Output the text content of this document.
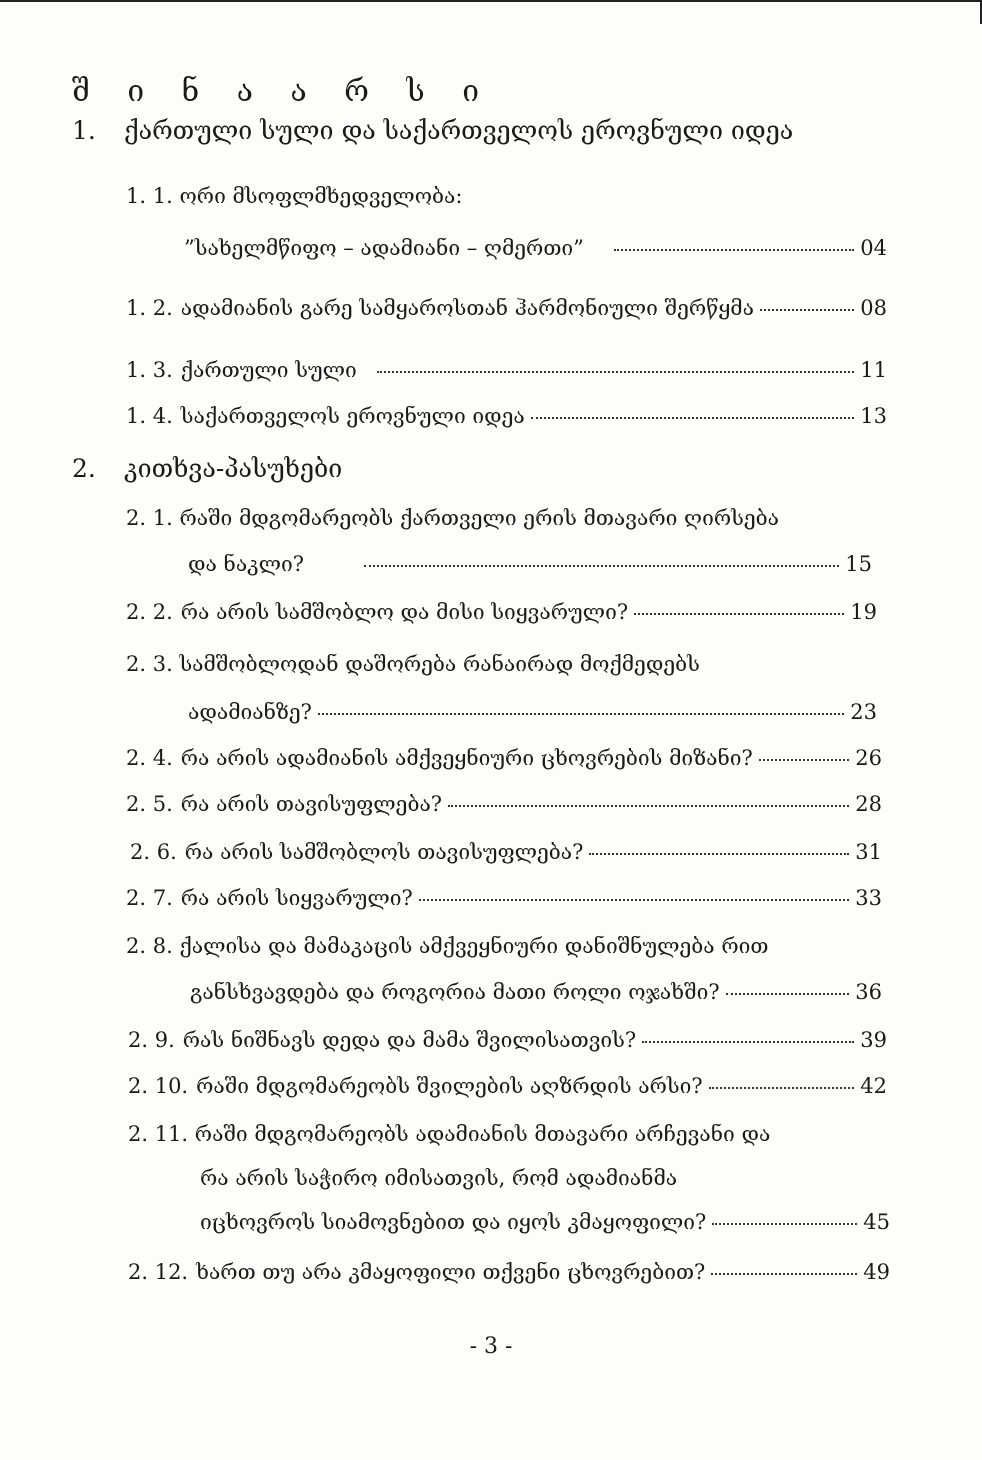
შ ი ნ ა ა რ ს ი
1. ქართული სული და საქართველოს ეროვნული იდეა
1. 1. ორი მსოფლმხედველობა:
”სახელმწიფო – ადამიანი – ღმერთი”	04
1. 2. ადამიანის გარე სამყაროსთან ჰარმონიული შერწყმა	08
1. 3. ქართული სული	11
1. 4. საქართველოს ეროვნული იდეა	13
2. კითხვა-პასუხები
2. 1. რაში მდგომარეობს ქართველი ერის მთავარი ღირსება
და ნაკლი?	15
2. 2. რა არის სამშობლო და მისი სიყვარული?	19
2. 3. სამშობლოდან დაშორება რანაირად მოქმედებს
ადამიანზე?	23
2. 4. რა არის ადამიანის ამქვეყნიური ცხოვრების მიზანი?	26
2. 5. რა არის თავისუფლება?	28
2. 6. რა არის სამშობლოს თავისუფლება?	31
2. 7. რა არის სიყვარული?	33
2. 8. ქალისა და მამაკაცის ამქვეყნიური დანიშნულება რით
განსხვავდება და როგორია მათი როლი ოჯახში?	36
2. 9. რას ნიშნავს დედა და მამა შვილისათვის?	39
2. 10. რაში მდგომარეობს შვილების აღზრდის არსი?	42
2. 11. რაში მდგომარეობს ადამიანის მთავარი არჩევანი და
რა არის საჭირო იმისათვის, რომ ადამიანმა
იცხოვროს სიამოვნებით და იყოს კმაყოფილი?	45
2. 12. ხართ თუ არა კმაყოფილი თქვენი ცხოვრებით?	49
- 3 -
